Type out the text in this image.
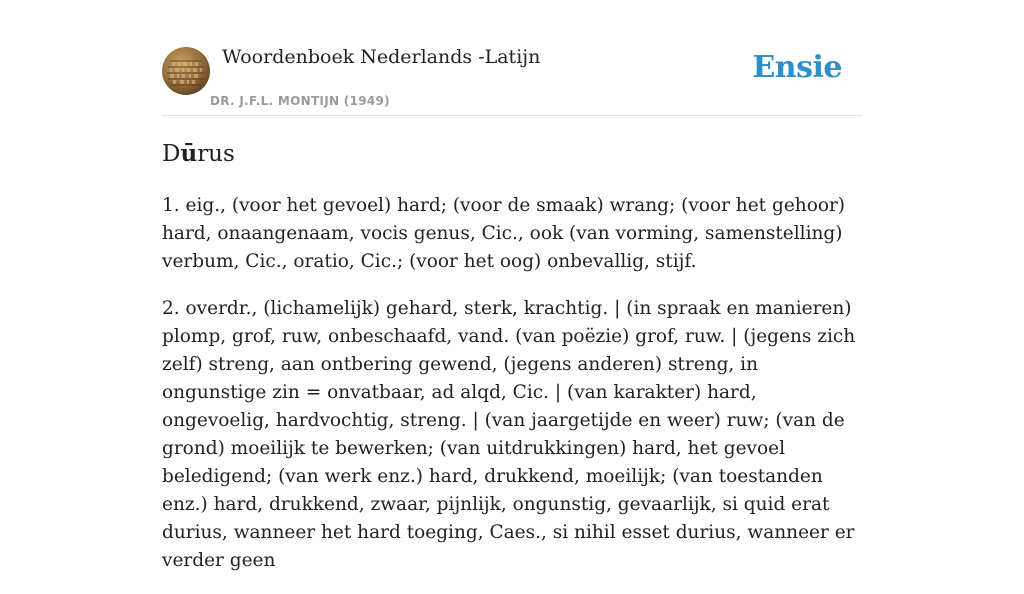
Woordenboek Nederlands -Latijn
DR. J.F.L. MONTIJN (1949)
Ensie
Dūrus

1. eig., (voor het gevoel) hard; (voor de smaak) wrang; (voor het gehoor) hard, onaangenaam, vocis genus, Cic., ook (van vorming, samenstelling) verbum, Cic., oratio, Cic.; (voor het oog) onbevallig, stijf.

2. overdr., (lichamelijk) gehard, sterk, krachtig. | (in spraak en manieren) plomp, grof, ruw, onbeschaafd, vand. (van poëzie) grof, ruw. | (jegens zich zelf) streng, aan ontbering gewend, (jegens anderen) streng, in ongunstige zin = onvatbaar, ad alqd, Cic. | (van karakter) hard, ongevoelig, hardvochtig, streng. | (van jaargetijde en weer) ruw; (van de grond) moeilijk te bewerken; (van uitdrukkingen) hard, het gevoel beledigend; (van werk enz.) hard, drukkend, moeilijk; (van toestanden enz.) hard, drukkend, zwaar, pijnlijk, ongunstig, gevaarlijk, si quid erat durius, wanneer het hard toeging, Caes., si nihil esset durius, wanneer er verder geen
